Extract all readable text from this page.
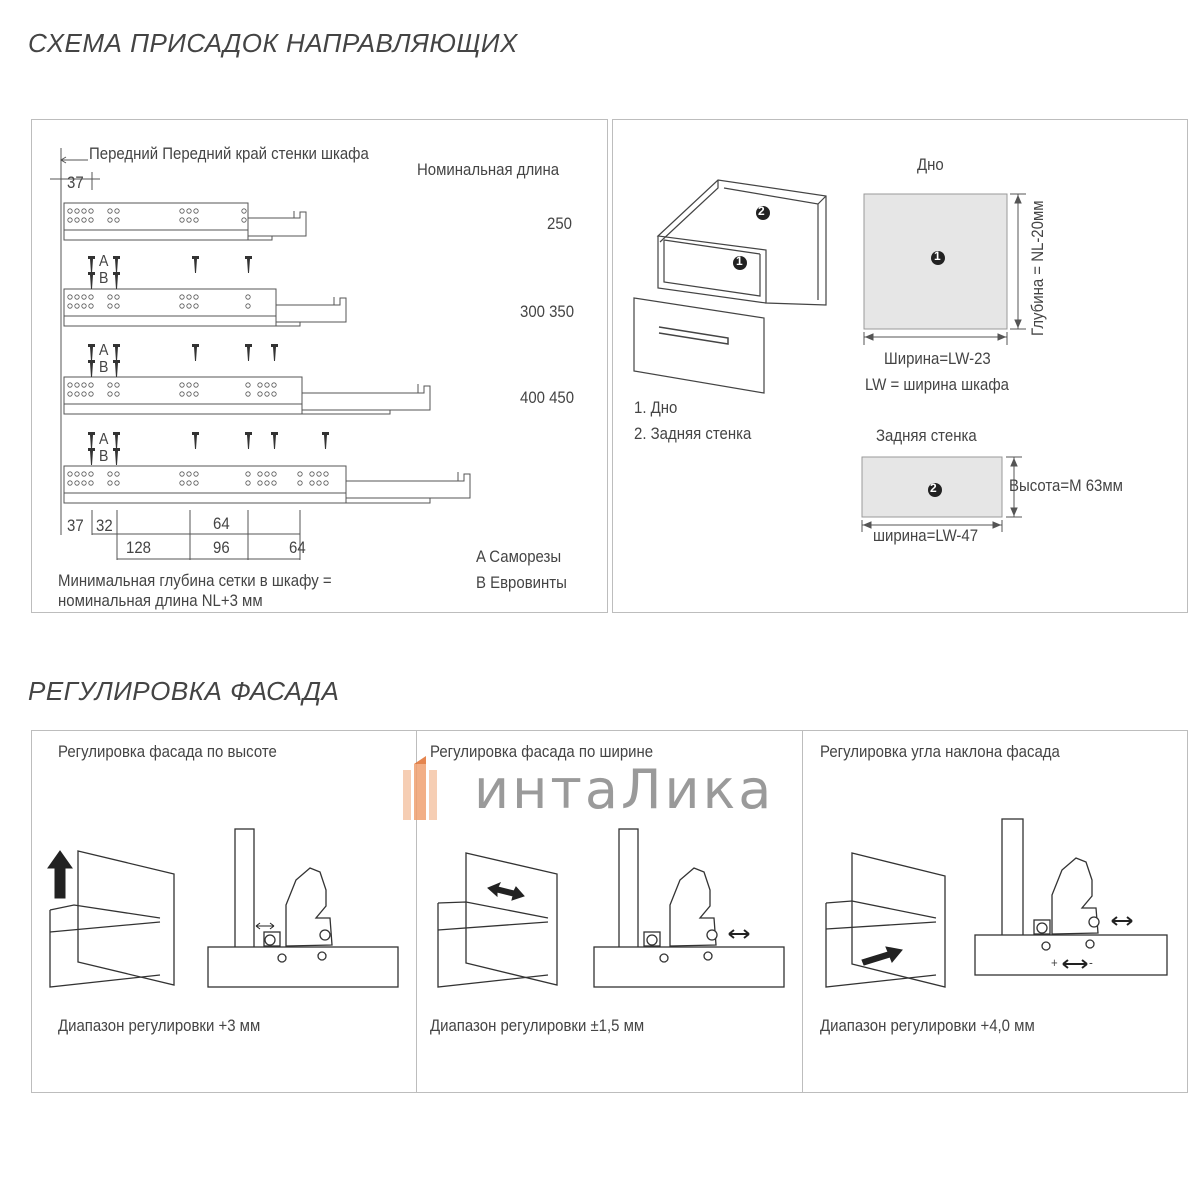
СХЕМА ПРИСАДОК НАПРАВЛЯЮЩИХ
РЕГУЛИРОВКА ФАСАДА
2
1	1
2
Передний Передний край стенки шкафа
Номинальная длина
37
250
300 350
400 450
A
B
A
B
A
B
37 32	64
128	96	64	A Саморезы
B Евровинты
Минимальная глубина сетки в шкафу =
номинальная длина NL+3 мм
Дно
Глубина = NL-20мм
Ширина=LW-23
LW = ширина шкафа
1. Дно
2. Задняя стенка	Задняя стенка
Высота=M 63мм
ширина=LW-47
Регулировка фасада по высоте	Регулировка фасада по ширине	Регулировка угла наклона фасада
Диапазон регулировки +3 мм	Диапазон регулировки ±1,5 мм	Диапазон регулировки +4,0 мм
+ -
интаЛика
